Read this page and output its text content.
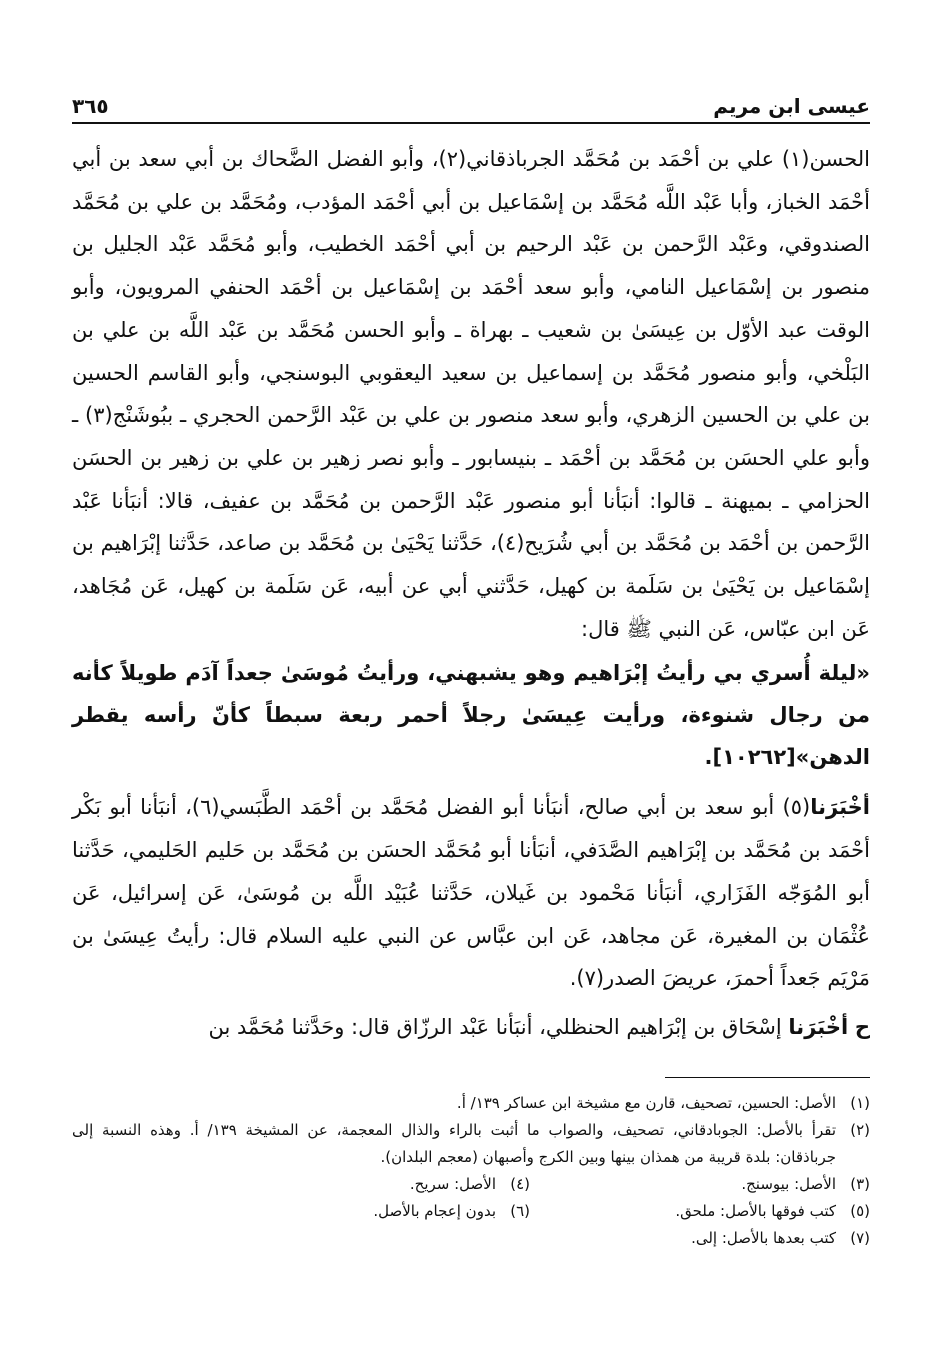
عيسى ابن مريم
٣٦٥

الحسن(١) علي بن أحْمَد بن مُحَمَّد الجرباذقاني(٢)، وأبو الفضل الضَّحاك بن أبي سعد بن أبي أحْمَد الخباز، وأبا عَبْد اللَّه مُحَمَّد بن إسْمَاعيل بن أبي أحْمَد المؤدب، ومُحَمَّد بن علي بن مُحَمَّد الصندوقي، وعَبْد الرَّحمن بن عَبْد الرحيم بن أبي أحْمَد الخطيب، وأبو مُحَمَّد عَبْد الجليل بن منصور بن إسْمَاعيل النامي، وأبو سعد أحْمَد بن إسْمَاعيل بن أحْمَد الحنفي المرويون، وأبو الوقت عبد الأوّل بن عِيسَىٰ بن شعيب ـ بهراة ـ وأبو الحسن مُحَمَّد بن عَبْد اللَّه بن علي بن البَلْخي، وأبو منصور مُحَمَّد بن إسماعيل بن سعيد اليعقوبي البوسنجي، وأبو القاسم الحسين بن علي بن الحسين الزهري، وأبو سعد منصور بن علي بن عَبْد الرَّحمن الحجري ـ ببُوشَنْج(٣) ـ وأبو علي الحسَن بن مُحَمَّد بن أحْمَد ـ بنيسابور ـ وأبو نصر زهير بن علي بن زهير بن الحسَن الحزامي ـ بميهنة ـ قالوا: أنبَأنا أبو منصور عَبْد الرَّحمن بن مُحَمَّد بن عفيف، قالا: أنبَأنا عَبْد الرَّحمن بن أحْمَد بن مُحَمَّد بن أبي شُرَيح(٤)، حَدَّثنا يَحْيَىٰ بن مُحَمَّد بن صاعد، حَدَّثنا إبْرَاهيم بن إسْمَاعيل بن يَحْيَىٰ بن سَلَمة بن كهيل، حَدَّثني أبي عن أبيه، عَن سَلَمة بن كهيل، عَن مُجَاهد، عَن ابن عبّاس، عَن النبي ﷺ قال:

«ليلة أُسري بي رأيتُ إبْرَاهيم وهو يشبهني، ورأيتُ مُوسَىٰ جعداً آدَم طويلاً كأنه من رجال شنوءة، ورأيت عِيسَىٰ رجلاً أحمر ربعة سبطاً كأنّ رأسه يقطر الدهن»[١٠٢٦٢].

أخْبَرَنا(٥) أبو سعد بن أبي صالح، أنبَأنا أبو الفضل مُحَمَّد بن أحْمَد الطَّبَسي(٦)، أنبَأنا أبو بَكْر أحْمَد بن مُحَمَّد بن إبْرَاهيم الصَّدَفي، أنبَأنا أبو مُحَمَّد الحسَن بن مُحَمَّد بن حَليم الحَليمي، حَدَّثنا أبو المُوَجّه الفَزَاري، أنبَأنا مَحْمود بن غَيلان، حَدَّثنا عُبَيْد اللَّه بن مُوسَىٰ، عَن إسرائيل، عَن عُثْمَان بن المغيرة، عَن مجاهد، عَن ابن عبَّاس عن النبي عليه السلام قال: رأيتُ عِيسَىٰ بن مَرْيَم جَعداً أحمرَ، عريضَ الصدر(٧).

ح أخْبَرَنا إسْحَاق بن إبْرَاهيم الحنظلي، أنبَأنا عَبْد الرزّاق قال: وحَدَّثنا مُحَمَّد بن

(١)
الأصل: الحسين، تصحيف، قارن مع مشيخة ابن عساكر ١٣٩/ أ.
(٢)
تقرأ بالأصل: الجوبادقاني، تصحيف، والصواب ما أثبت بالراء والذال المعجمة، عن المشيخة ١٣٩/ أ. وهذه النسبة إلى جرباذقان: بلدة قريبة من همذان بينها وبين الكرج وأصبهان (معجم البلدان).
(٣)
الأصل: بيوسنج.
(٤)
الأصل: سريح.
(٥)
كتب فوقها بالأصل: ملحق.
(٦)
بدون إعجام بالأصل.
(٧)
كتب بعدها بالأصل: إلى.
